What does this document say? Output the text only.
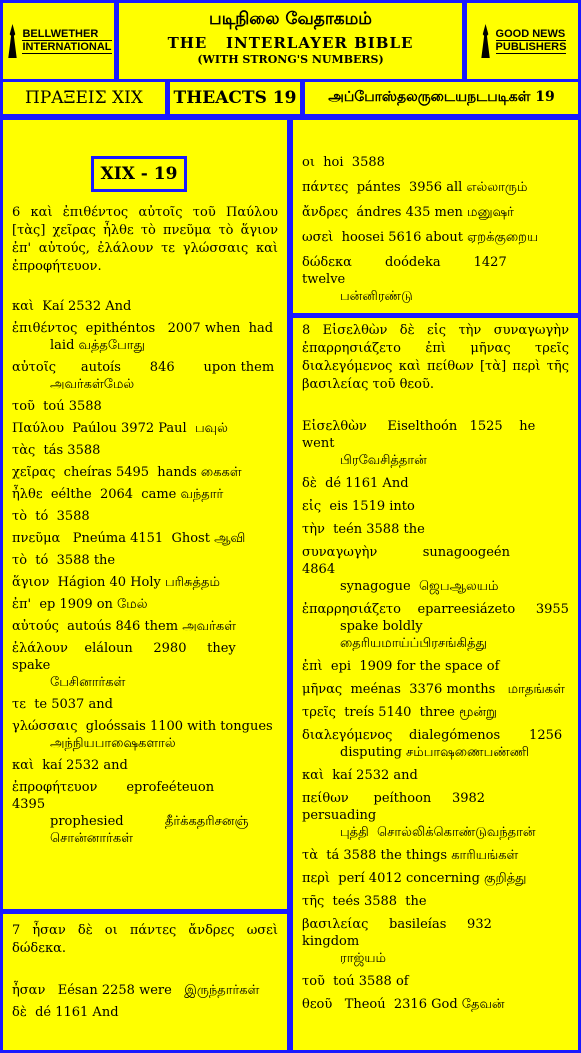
BELLWETHER
INTERNATIONAL
படிநிலை வேதாகமம்
THE   INTERLAYER BIBLE
(WITH STRONG'S NUMBERS)
GOOD NEWS
PUBLISHERS
ΠΡΑΞΕΙΣ XIX	THEACTS 19	அப்போஸ்தலருடையநடபடிகள் 19
XIX - 19
6 καὶ ἐπιθέντος αὐτοῖς τοῦ Παύλου [τὰς] χεῖρας ἦλθε τὸ πνεῦμα τὸ ἅγιον ἐπ' αὐτούς, ἐλάλουν τε γλώσσαις καὶ ἐπροφήτευον.
καὶ  Kaí 2532 And
ἐπιθέντος  epithéntos   2007 when  had
laid வத்தபோது
αὐτοῖς      autoís       846       upon them
அவர்கள்மேல்
τοῦ  toú 3588
Παύλου  Paúlou 3972 Paul  பவுல்
τὰς  tás 3588
χεῖρας  cheíras 5495  hands கைகள்
ἦλθε  eélthe  2064  came வந்தார்
τὸ  tó  3588
πνεῦμα   Pneúma 4151  Ghost ஆவி
τὸ  tó  3588 the
ἅγιον  Hágion 40 Holy பரிசுத்தம்
ἐπ'  ep 1909 on மேல்
αὐτούς  autoús 846 them அவர்கள்
ἐλάλουν    eláloun     2980     they spake
பேசினார்கள்
τε  te 5037 and
γλώσσαις  gloóssais 1100 with tongues
அந்நியபாஷைகளால்
καὶ  kaí 2532 and
ἐπροφήτευον       eprofeéteuon         4395
prophesied          தீர்க்கதரிசனஞ் சொன்னார்கள்
7 ἦσαν δὲ οι πάντες ἄνδρες ωσεὶ δώδεκα.
ἦσαν   Eésan 2258 were   இருந்தார்கள்
δὲ  dé 1161 And
οι  hoi  3588
πάντες  pántes  3956 all எல்லாரும்
ἄνδρες  ándres 435 men மனுஷர்
ωσεὶ  hoosei 5616 about ஏறக்குறைய
δώδεκα        doódeka        1427        twelve
பன்னிரண்டு
8 Εἰσελθὼν δὲ εἰς τὴν συναγωγὴν ἐπαρρησιάζετο ἐπὶ μῆνας τρεῖς διαλεγόμενος καὶ πείθων [τὰ] περὶ τῆς βασιλείας τοῦ θεοῦ.
Εἰσελθὼν     Eiselthoón   1525    he went
பிரவேசித்தான்
δὲ  dé 1161 And
εἰς  eis 1519 into
τὴν  teén 3588 the
συναγωγὴν           sunagoogeén           4864
synagogue  ஜெபஆலயம்
ἐπαρρησιάζετο    eparreesiázeto     3955
spake boldly     தைரியமாய்ப்பிரசங்கித்து
ἐπὶ  epi  1909 for the space of
μῆνας  meénas  3376 months   மாதங்கள்
τρεῖς  treís 5140  three மூன்று
διαλεγόμενος    dialegómenos       1256
disputing சம்பாஷணைபண்ணி
καὶ  kaí 2532 and
πείθων      peíthoon     3982    persuading
புத்தி  சொல்லிக்கொண்டுவந்தான்
τὰ  tá 3588 the things காரியங்கள்
περὶ  perí 4012 concerning குறித்து
τῆς  teés 3588  the
βασιλείας     basileías     932     kingdom
ராஜ்யம்
τοῦ  toú 3588 of
θεοῦ   Theoú  2316 God தேவன்
